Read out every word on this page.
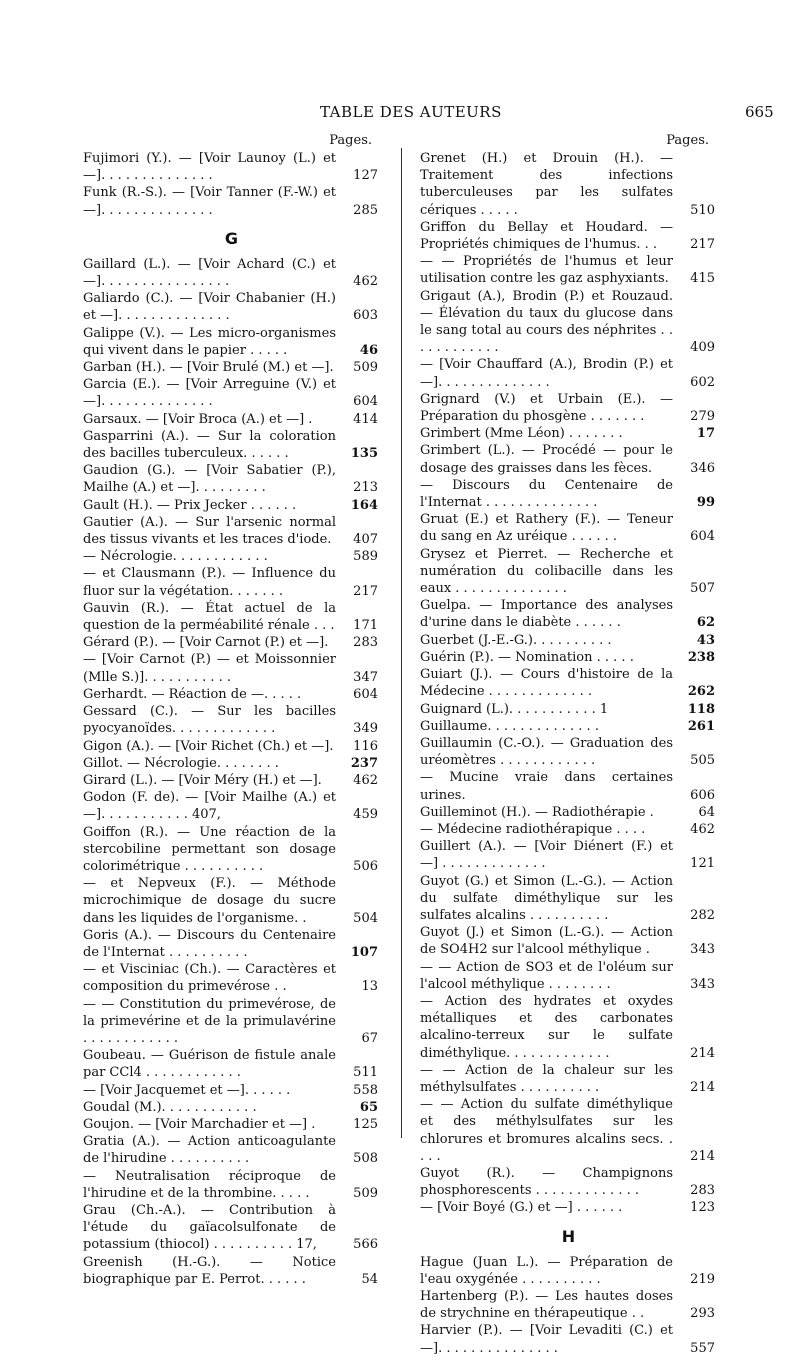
TABLE DES AUTEURS	665
Pages.
Fujimori (Y.). — [Voir Launoy (L.) et —]. . . . . . . . . . . . . .	127
Funk (R.-S.). — [Voir Tanner (F.-W.) et —]. . . . . . . . . . . . . .	285
G
Gaillard (L.). — [Voir Achard (C.) et —]. . . . . . . . . . . . . . . .	462
Galiardo (C.). — [Voir Chabanier (H.) et —]. . . . . . . . . . . . . .	603
Galippe (V.). — Les micro-organismes qui vivent dans le papier . . . . .	46
Garban (H.). — [Voir Brulé (M.) et —]. 509
Garcia (E.). — [Voir Arreguine (V.) et —]. . . . . . . . . . . . . .	604
Garsaux. — [Voir Broca (A.) et —] .	414
Gasparrini (A.). — Sur la coloration des bacilles tuberculeux. . . . . .	135
Gaudion (G.). — [Voir Sabatier (P.), Mailhe (A.) et —]. . . . . . . . .	213
Gault (H.). — Prix Jecker . . . . . .	164
Gautier (A.). — Sur l'arsenic normal des tissus vivants et les traces d'iode. 407
— Nécrologie. . . . . . . . . . . .	589
— et Clausmann (P.). — Influence du fluor sur la végétation. . . . . . .	217
Gauvin (R.). — État actuel de la question de la perméabilité rénale . . . 171
Gérard (P.). — [Voir Carnot (P.) et —]. 283
— [Voir Carnot (P.) — et Moissonnier (Mlle S.)]. . . . . . . . . . .	347
Gerhardt. — Réaction de —. . . . .	604
Gessard (C.). — Sur les bacilles pyocyanoïdes. . . . . . . . . . . . .	349
Gigon (A.). — [Voir Richet (Ch.) et —]. 116
Gillot. — Nécrologie. . . . . . . .	237
Girard (L.). — [Voir Méry (H.) et —]. 462
Godon (F. de). — [Voir Mailhe (A.) et —]. . . . . . . . . . . 407,	459
Goiffon (R.). — Une réaction de la stercobiline permettant son dosage colorimétrique . . . . . . . . . .	506
— et Nepveux (F.). — Méthode microchimique de dosage du sucre dans les liquides de l'organisme. .	504
Goris (A.). — Discours du Centenaire de l'Internat . . . . . . . . . .	107
— et Visciniac (Ch.). — Caractères et composition du primevérose . .	13
— — Constitution du primevérose, de la primevérine et de la primulavérine . . . . . . . . . . . .	67
Goubeau. — Guérison de fistule anale par CCl4 . . . . . . . . . . . .	511
— [Voir Jacquemet et —]. . . . . .	558
Goudal (M.). . . . . . . . . . . .	65
Goujon. — [Voir Marchadier et —] .	125
Gratia (A.). — Action anticoagulante de l'hirudine . . . . . . . . . .	508
— Neutralisation réciproque de l'hirudine et de la thrombine. . . . .	509
Grau (Ch.-A.). — Contribution à l'étude du gaïacolsulfonate de potassium (thiocol) . . . . . . . . . . 17,	566
Greenish (H.-G.). — Notice biographique par E. Perrot. . . . . .	54
Pages.
Grenet (H.) et Drouin (H.). — Traitement des infections tuberculeuses par les sulfates cériques . . . . .	510
Griffon du Bellay et Houdard. — Propriétés chimiques de l'humus. . .	217
— — Propriétés de l'humus et leur utilisation contre les gaz asphyxiants. 415
Grigaut (A.), Brodin (P.) et Rouzaud. — Élévation du taux du glucose dans le sang total au cours des néphrites . . . . . . . . . . . .	409
— [Voir Chauffard (A.), Brodin (P.) et —]. . . . . . . . . . . . . .	602
Grignard (V.) et Urbain (E.). — Préparation du phosgène . . . . . . .	279
Grimbert (Mme Léon) . . . . . . .	17
Grimbert (L.). — Procédé — pour le dosage des graisses dans les fèces.	346
— Discours du Centenaire de l'Internat . . . . . . . . . . . . . .	99
Gruat (E.) et Rathery (F.). — Teneur du sang en Az uréique . . . . . .	604
Grysez et Pierret. — Recherche et numération du colibacille dans les eaux . . . . . . . . . . . . . .	507
Guelpa. — Importance des analyses d'urine dans le diabète . . . . . .	62
Guerbet (J.-E.-G.). . . . . . . . . .	43
Guérin (P.). — Nomination . . . . .	238
Guiart (J.). — Cours d'histoire de la Médecine . . . . . . . . . . . . .	262
Guignard (L.). . . . . . . . . . . 1	118
Guillaume. . . . . . . . . . . . . .	261
Guillaumin (C.-O.). — Graduation des uréomètres . . . . . . . . . . . .	505
— Mucine vraie dans certaines urines.	606
Guilleminot (H.). — Radiothérapie .	64
— Médecine radiothérapique . . . .	462
Guillert (A.). — [Voir Diénert (F.) et —] . . . . . . . . . . . . .	121
Guyot (G.) et Simon (L.-G.). — Action du sulfate diméthylique sur les sulfates alcalins . . . . . . . . . .	282
Guyot (J.) et Simon (L.-G.). — Action de SO4H2 sur l'alcool méthylique .	343
— — Action de SO3 et de l'oléum sur l'alcool méthylique . . . . . . . .	343
— Action des hydrates et oxydes métalliques et des carbonates alcalino-terreux sur le sulfate diméthylique. . . . . . . . . . . . .	214
— — Action de la chaleur sur les méthylsulfates . . . . . . . . . .	214
— — Action du sulfate diméthylique et des méthylsulfates sur les chlorures et bromures alcalins secs. . . . .	214
Guyot (R.). — Champignons phosphorescents . . . . . . . . . . . . .	283
— [Voir Boyé (G.) et —] . . . . . .	123
H
Hague (Juan L.). — Préparation de l'eau oxygénée . . . . . . . . . .	219
Hartenberg (P.). — Les hautes doses de strychnine en thérapeutique . .	293
Harvier (P.). — [Voir Levaditi (C.) et —]. . . . . . . . . . . . . . .	557
